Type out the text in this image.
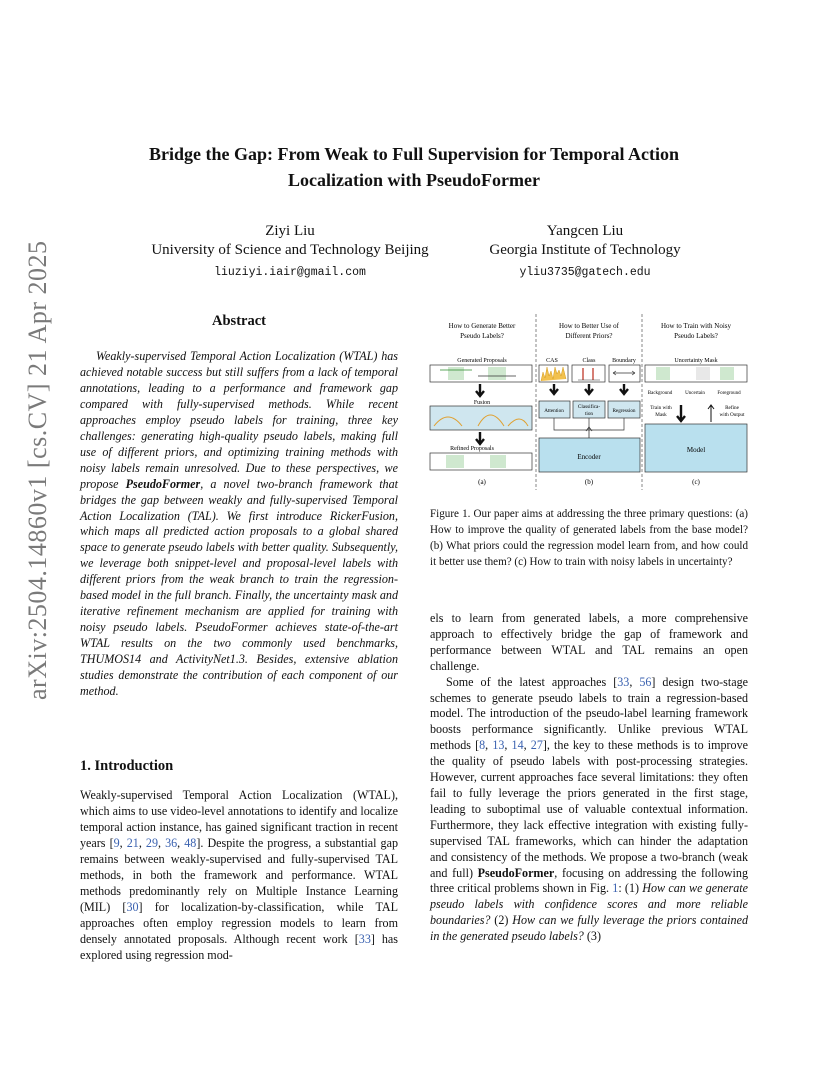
arXiv:2504.14860v1 [cs.CV] 21 Apr 2025
Bridge the Gap: From Weak to Full Supervision for Temporal Action
Localization with PseudoFormer
Ziyi Liu
University of Science and Technology Beijing
liuziyi.iair@gmail.com
Yangcen Liu
Georgia Institute of Technology
yliu3735@gatech.edu
Abstract
Weakly-supervised Temporal Action Localization (WTAL) has achieved notable success but still suffers from a lack of temporal annotations, leading to a performance and framework gap compared with fully-supervised methods. While recent approaches employ pseudo labels for training, three key challenges: generating high-quality pseudo labels, making full use of different priors, and optimizing training methods with noisy labels remain unresolved. Due to these perspectives, we propose PseudoFormer, a novel two-branch framework that bridges the gap between weakly and fully-supervised Temporal Action Localization (TAL). We first introduce RickerFusion, which maps all predicted action proposals to a global shared space to generate pseudo labels with better quality. Subsequently, we leverage both snippet-level and proposal-level labels with different priors from the weak branch to train the regression-based model in the full branch. Finally, the uncertainty mask and iterative refinement mechanism are applied for training with noisy pseudo labels. PseudoFormer achieves state-of-the-art WTAL results on the two commonly used benchmarks, THUMOS14 and ActivityNet1.3. Besides, extensive ablation studies demonstrate the contribution of each component of our method.
1. Introduction
Weakly-supervised Temporal Action Localization (WTAL), which aims to use video-level annotations to identify and localize temporal action instance, has gained significant traction in recent years [9, 21, 29, 36, 48]. Despite the progress, a substantial gap remains between weakly-supervised and fully-supervised TAL methods, in both the framework and performance. WTAL methods predominantly rely on Multiple Instance Learning (MIL) [30] for localization-by-classification, while TAL approaches often employ regression models to learn from densely annotated proposals. Although recent work [33] has explored using regression mod-
How to Generate Better
Pseudo Labels?
How to Better Use of
Different Priors?
How to Train with Noisy
Pseudo Labels?
Generated Proposals
Fusion
Refined Proposals
(a)
CAS	Class	Boundary
Attention
Classifica-
tion	Regression
Encoder
(b)
Uncertainty Mask
Background	Uncertain Foreground
Train with
Mask
Refine
with Output
Model
(c)
Figure 1. Our paper aims at addressing the three primary questions: (a) How to improve the quality of generated labels from the base model? (b) What priors could the regression model learn from, and how could it better use them? (c) How to train with noisy labels in uncertainty?

els to learn from generated labels, a more comprehensive approach to effectively bridge the gap of framework and performance between WTAL and TAL remains an open challenge.

Some of the latest approaches [33, 56] design two-stage schemes to generate pseudo labels to train a regression-based model. The introduction of the pseudo-label learning framework boosts performance significantly. Unlike previous WTAL methods [8, 13, 14, 27], the key to these methods is to improve the quality of pseudo labels with post-processing strategies. However, current approaches face several limitations: they often fail to fully leverage the priors generated in the first stage, leading to suboptimal use of valuable contextual information. Furthermore, they lack effective integration with existing fully-supervised TAL frameworks, which can hinder the adaptation and consistency of the methods. We propose a two-branch (weak and full) PseudoFormer, focusing on addressing the following three critical problems shown in Fig. 1: (1) How can we generate pseudo labels with confidence scores and more reliable boundaries? (2) How can we fully leverage the priors contained in the generated pseudo labels? (3)
